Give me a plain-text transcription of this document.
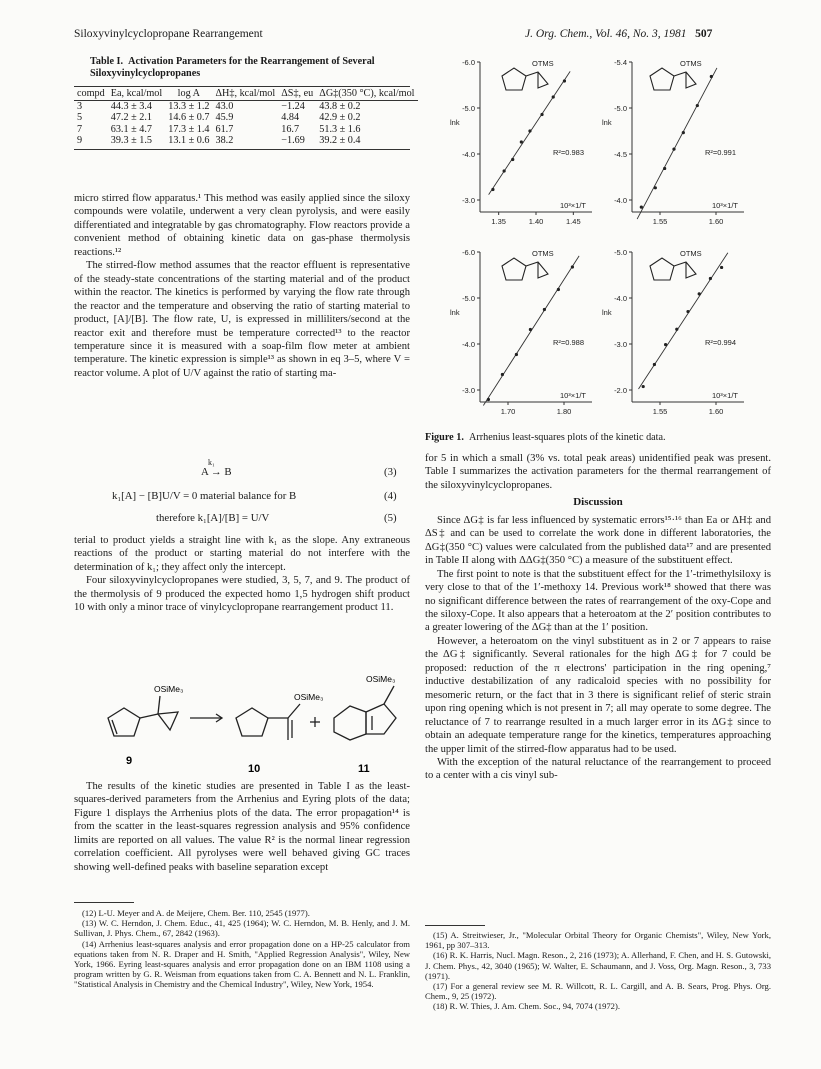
Siloxyvinylcyclopropane Rearrangement	J. Org. Chem., Vol. 46, No. 3, 1981 507
Table I. Activation Parameters for the Rearrangement of Several Siloxyvinylcyclopropanes
compd	Ea, kcal/mol	log A	ΔH‡, kcal/mol	ΔS‡, eu	ΔG‡(350 °C), kcal/mol

3	44.3 ± 3.4	13.3 ± 1.2	43.0	−1.24	43.8 ± 0.2
5	47.2 ± 2.1	14.6 ± 0.7	45.9	4.84	42.9 ± 0.2
7	63.1 ± 4.7	17.3 ± 1.4	61.7	16.7	51.3 ± 1.6
9	39.3 ± 1.5	13.1 ± 0.6	38.2	−1.69	39.2 ± 0.4

micro stirred flow apparatus.¹ This method was easily applied since the siloxy compounds were volatile, underwent a very clean pyrolysis, and were easily differentiated and integratable by gas chromatography. Flow reactors provide a convenient method of obtaining kinetic data on gas-phase thermolysis reactions.¹²

The stirred-flow method assumes that the reactor effluent is representative of the steady-state concentrations of the starting material and of the product within the reactor. The kinetics is performed by varying the flow rate through the reactor and the temperature and observing the ratio of starting material to product, [A]/[B]. The flow rate, U, is expressed in milliliters/second at the reactor exit and therefore must be temperature corrected¹³ to the reactor temperature since it is measured with a soap-film flow meter at ambient temperature. The kinetic expression is simple¹³ as shown in eq 3–5, where V = reactor volume. A plot of U/V against the ratio of starting ma-

k₁
A → B	(3)
k₁[A] − [B]U/V = 0 material balance for B	(4)
therefore k₁[A]/[B] = U/V	(5)

terial to product yields a straight line with k₁ as the slope. Any extraneous reactions of the product or starting material do not interfere with the determination of k₁; they affect only the intercept.

Four siloxyvinylcyclopropanes were studied, 3, 5, 7, and 9. The product of the thermolysis of 9 produced the expected homo 1,5 hydrogen shift product 10 with only a minor trace of vinylcyclopropane rearrangement product 11.

OSiMe₃
OSiMe₃
OSiMe₃
9
10	11

The results of the kinetic studies are presented in Table I as the least-squares-derived parameters from the Arrhenius and Eyring plots of the data; Figure 1 displays the Arrhenius plots of the data. The error propagation¹⁴ is from the scatter in the least-squares regression analysis and 95% confidence limits are reported on all values. The value R² is the normal linear regression correlation coefficient. All pyrolyses were well behaved giving GC traces showing well-defined peaks with baseline separation except

(12) L-U. Meyer and A. de Meijere, Chem. Ber. 110, 2545 (1977).

(13) W. C. Herndon, J. Chem. Educ., 41, 425 (1964); W. C. Herndon, M. B. Henly, and J. M. Sullivan, J. Phys. Chem., 67, 2842 (1963).

(14) Arrhenius least-squares analysis and error propagation done on a HP-25 calculator from equations taken from N. R. Draper and H. Smith, "Applied Regression Analysis", Wiley, New York, 1966. Eyring least-squares analysis and error propagation done on an IBM 1108 using a program written by G. R. Weisman from equations taken from C. A. Bennett and N. L. Franklin, "Statistical Analysis in Chemistry and the Chemical Industry", Wiley, New York, 1954.

-6.0
-5.0
-4.0
-3.0
1.35	1.40	1.45
lnk
10³×1/T
R²=0.983
-5.4
-5.0
-4.5
-4.0
1.55	1.60
lnk
10³×1/T
R²=0.991
-6.0
-5.0
-4.0
-3.0
1.70	1.80
lnk
10³×1/T
R²=0.988
-5.0
-4.0
-3.0
-2.0
1.55	1.60
lnk
10³×1/T
R²=0.994
OTMS	OTMS
OTMS	OTMS
Figure 1. Arrhenius least-squares plots of the kinetic data.

for 5 in which a small (3% vs. total peak areas) unidentified peak was present. Table I summarizes the activation parameters for the thermal rearrangement of the siloxyvinylcyclopropanes.

Discussion

Since ΔG‡ is far less influenced by systematic errors¹⁵·¹⁶ than Ea or ΔH‡ and ΔS‡ and can be used to correlate the work done in different laboratories, the ΔG‡(350 °C) values were calculated from the published data¹⁷ and are presented in Table II along with ΔΔG‡(350 °C) a measure of the substituent effect.

The first point to note is that the substituent effect for the 1′-trimethylsiloxy is very close to that of the 1′-methoxy 14. Previous work¹⁸ showed that there was no significant difference between the rates of rearrangement of the oxy-Cope and the siloxy-Cope. It also appears that a heteroatom at the 2′ position contributes to a greater lowering of the ΔG‡ than at the 1′ position.

However, a heteroatom on the vinyl substituent as in 2 or 7 appears to raise the ΔG‡ significantly. Several rationales for the high ΔG‡ for 7 could be proposed: reduction of the π electrons' participation in the ring opening,⁷ inductive destabilization of any radicaloid species with no possibility for mesomeric return, or the fact that in 3 there is significant relief of steric strain upon ring opening which is not present in 7; all may operate to some degree. The reluctance of 7 to rearrange resulted in a much larger error in its ΔG‡ since to obtain an adequate temperature range for the kinetics, temperatures approaching the upper limit of the stirred-flow apparatus had to be used.

With the exception of the natural reluctance of the rearrangement to proceed to a center with a cis vinyl sub-

(15) A. Streitwieser, Jr., "Molecular Orbital Theory for Organic Chemists", Wiley, New York, 1961, pp 307–313.

(16) R. K. Harris, Nucl. Magn. Reson., 2, 216 (1973); A. Allerhand, F. Chen, and H. S. Gutowski, J. Chem. Phys., 42, 3040 (1965); W. Walter, E. Schaumann, and J. Voss, Org. Magn. Reson., 3, 733 (1971).

(17) For a general review see M. R. Willcott, R. L. Cargill, and A. B. Sears, Prog. Phys. Org. Chem., 9, 25 (1972).

(18) R. W. Thies, J. Am. Chem. Soc., 94, 7074 (1972).
